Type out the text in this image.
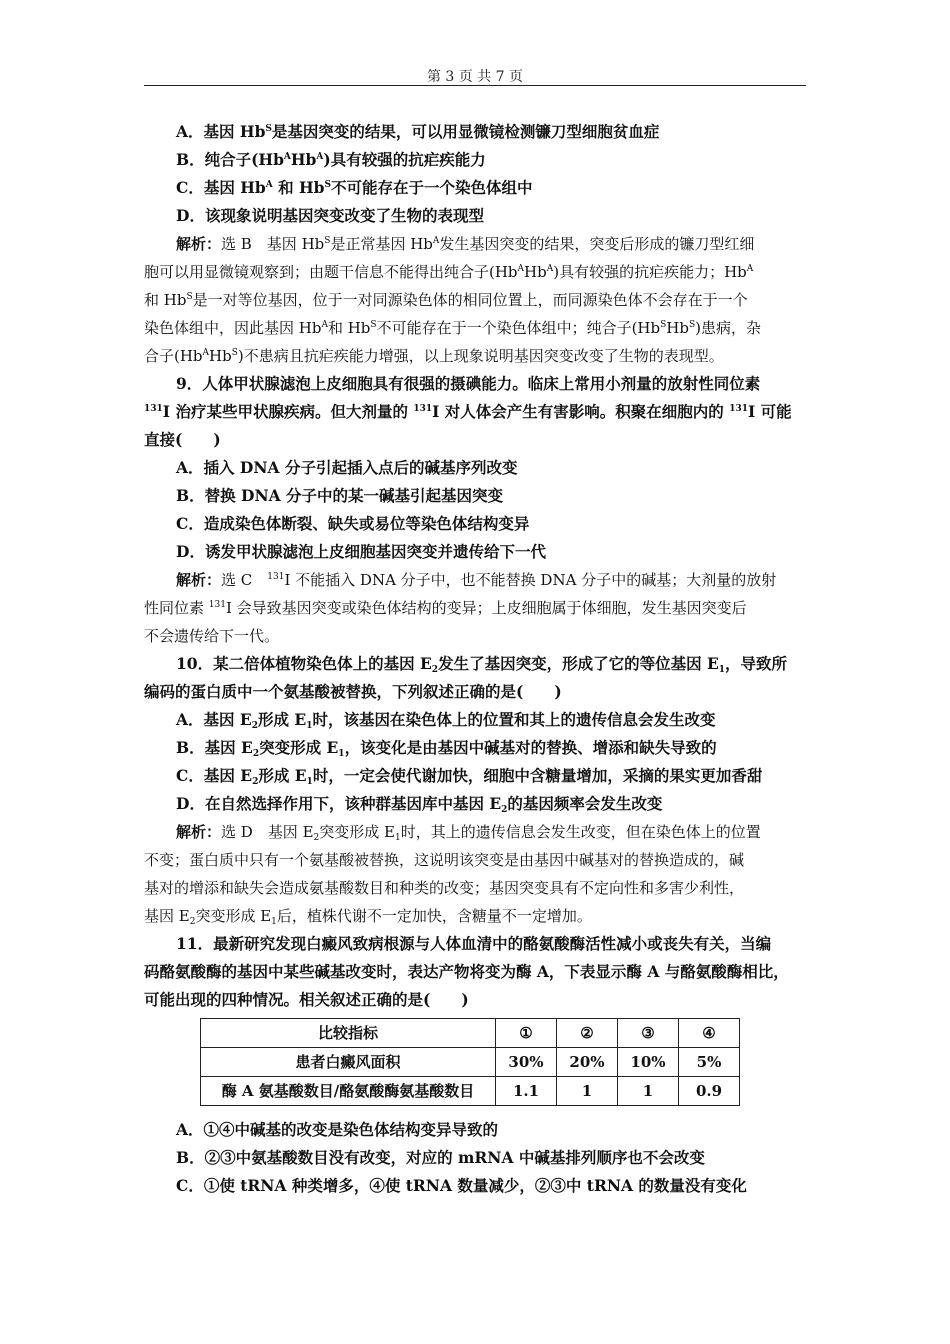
第 3 页 共 7 页
A．基因 $Hb^S$是基因突变的结果，可以用显微镜检测镰刀型细胞贫血症
B．纯合子$(Hb^AHb^A)$具有较强的抗疟疾能力
C．基因 $Hb^A$ 和 $Hb^S$不可能存在于一个染色体组中
D．该现象说明基因突变改变了生物的表现型
解析：选 B　基因 $Hb^S$是正常基因 $Hb^A$发生基因突变的结果，突变后形成的镰刀型红细
胞可以用显微镜观察到；由题干信息不能得出纯合子$(Hb^AHb^A)$具有较强的抗疟疾能力；$Hb^A$
和 $Hb^S$是一对等位基因，位于一对同源染色体的相同位置上，而同源染色体不会存在于一个
染色体组中，因此基因 $Hb^A$和 $Hb^S$不可能存在于一个染色体组中；纯合子$(Hb^SHb^S)$患病，杂
合子$(Hb^AHb^S)$不患病且抗疟疾能力增强，以上现象说明基因突变改变了生物的表现型。
9．人体甲状腺滤泡上皮细胞具有很强的摄碘能力。临床上常用小剂量的放射性同位素
$^{131}$I 治疗某些甲状腺疾病。但大剂量的 $^{131}$I 对人体会产生有害影响。积聚在细胞内的 $^{131}$I 可能
直接(　　)
A．插入 DNA 分子引起插入点后的碱基序列改变
B．替换 DNA 分子中的某一碱基引起基因突变
C．造成染色体断裂、缺失或易位等染色体结构变异
D．诱发甲状腺滤泡上皮细胞基因突变并遗传给下一代
解析：选 C　$^{131}$I 不能插入 DNA 分子中，也不能替换 DNA 分子中的碱基；大剂量的放射
性同位素 $^{131}$I 会导致基因突变或染色体结构的变异；上皮细胞属于体细胞，发生基因突变后
不会遗传给下一代。
10．某二倍体植物染色体上的基因 $E_2$发生了基因突变，形成了它的等位基因 $E_1$，导致所
编码的蛋白质中一个氨基酸被替换，下列叙述正确的是(　　)
A．基因 $E_2$形成 $E_1$时，该基因在染色体上的位置和其上的遗传信息会发生改变
B．基因 $E_2$突变形成 $E_1$，该变化是由基因中碱基对的替换、增添和缺失导致的
C．基因 $E_2$形成 $E_1$时，一定会使代谢加快，细胞中含糖量增加，采摘的果实更加香甜
D．在自然选择作用下，该种群基因库中基因 $E_2$的基因频率会发生改变
解析：选 D　基因 $E_2$突变形成 $E_1$时，其上的遗传信息会发生改变，但在染色体上的位置
不变；蛋白质中只有一个氨基酸被替换，这说明该突变是由基因中碱基对的替换造成的，碱
基对的增添和缺失会造成氨基酸数目和种类的改变；基因突变具有不定向性和多害少利性，
基因 $E_2$突变形成 $E_1$后，植株代谢不一定加快，含糖量不一定增加。
11．最新研究发现白癜风致病根源与人体血清中的酪氨酸酶活性减小或丧失有关，当编
码酪氨酸酶的基因中某些碱基改变时，表达产物将变为酶 A，下表显示酶 A 与酪氨酸酶相比，
可能出现的四种情况。相关叙述正确的是(　　)
比较指标	①	②	③	④
患者白癜风面积	30%	20%	10%	5%
酶 A 氨基酸数目/酪氨酸酶氨基酸数目	1.1	1	1	0.9
A．①④中碱基的改变是染色体结构变异导致的
B．②③中氨基酸数目没有改变，对应的 mRNA 中碱基排列顺序也不会改变
C．①使 tRNA 种类增多，④使 tRNA 数量减少，②③中 tRNA 的数量没有变化
